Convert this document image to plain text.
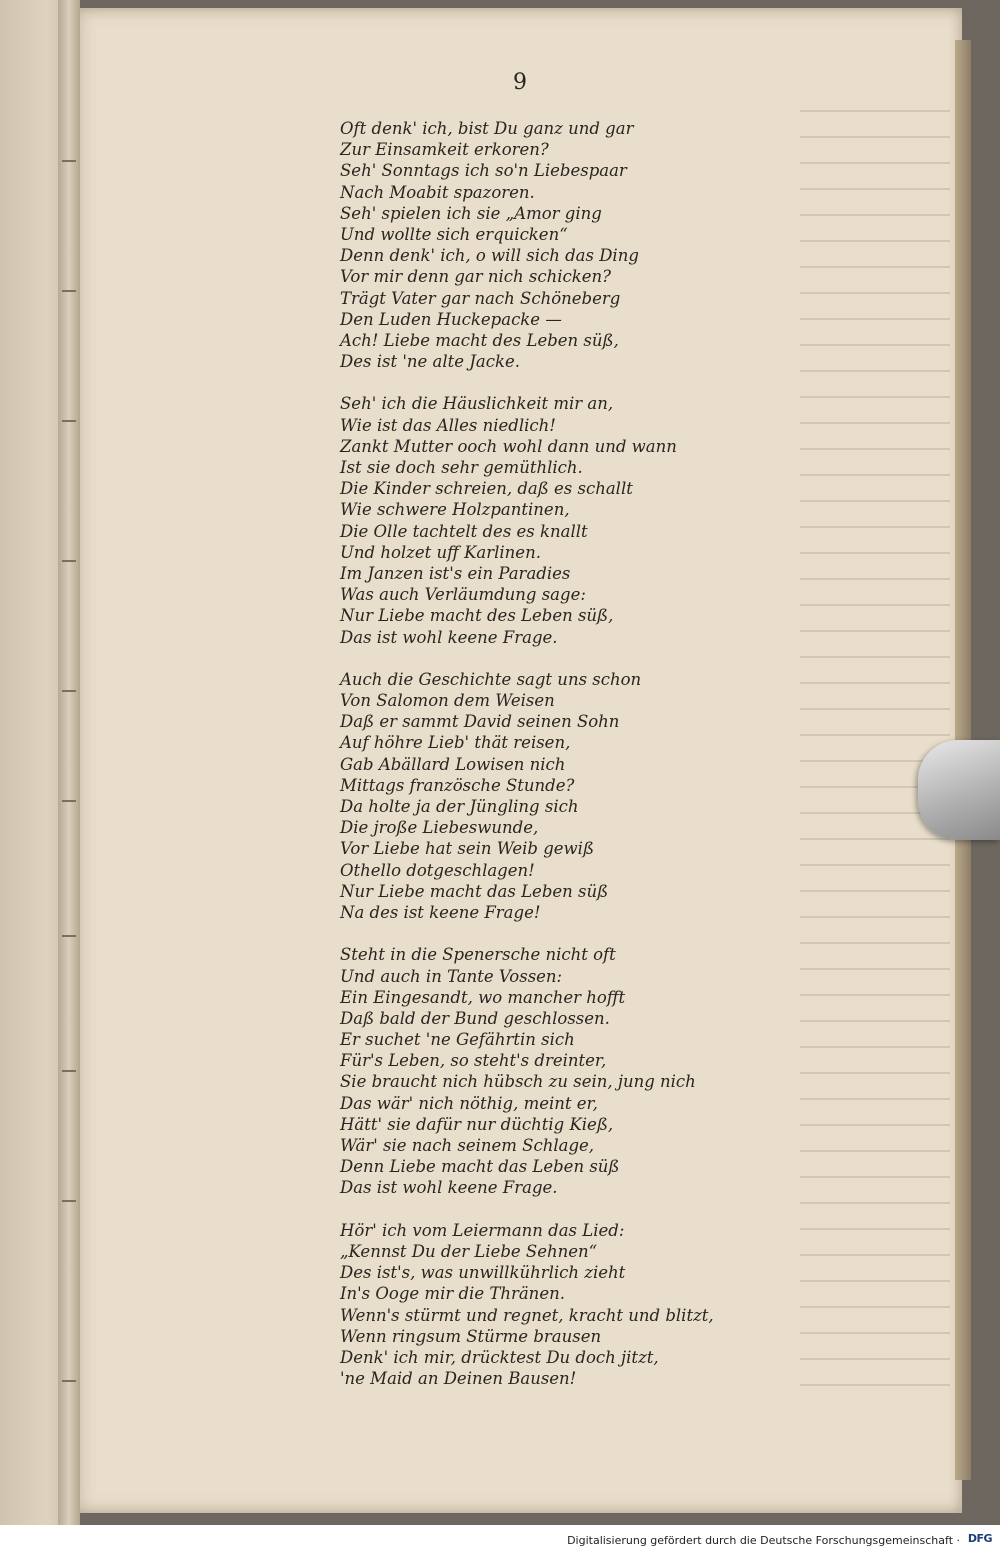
9
Oft denk' ich, bist Du ganz und gar
Zur Einsamkeit erkoren?
Seh' Sonntags ich so'n Liebespaar
Nach Moabit spazoren.
Seh' spielen ich sie „Amor ging
Und wollte sich erquicken“
Denn denk' ich, o will sich das Ding
Vor mir denn gar nich schicken?
Trägt Vater gar nach Schöneberg
Den Luden Huckepacke —
Ach! Liebe macht des Leben süß,
Des ist 'ne alte Jacke.
Seh' ich die Häuslichkeit mir an,
Wie ist das Alles niedlich!
Zankt Mutter ooch wohl dann und wann
Ist sie doch sehr gemüthlich.
Die Kinder schreien, daß es schallt
Wie schwere Holzpantinen,
Die Olle tachtelt des es knallt
Und holzet uff Karlinen.
Im Janzen ist's ein Paradies
Was auch Verläumdung sage:
Nur Liebe macht des Leben süß,
Das ist wohl keene Frage.
Auch die Geschichte sagt uns schon
Von Salomon dem Weisen
Daß er sammt David seinen Sohn
Auf höhre Lieb' thät reisen,
Gab Abällard Lowisen nich
Mittags französche Stunde?
Da holte ja der Jüngling sich
Die jroße Liebeswunde,
Vor Liebe hat sein Weib gewiß
Othello dotgeschlagen!
Nur Liebe macht das Leben süß
Na des ist keene Frage!
Steht in die Spenersche nicht oft
Und auch in Tante Vossen:
Ein Eingesandt, wo mancher hofft
Daß bald der Bund geschlossen.
Er suchet 'ne Gefährtin sich
Für's Leben, so steht's dreinter,
Sie braucht nich hübsch zu sein, jung nich
Das wär' nich nöthig, meint er,
Hätt' sie dafür nur düchtig Kieß,
Wär' sie nach seinem Schlage,
Denn Liebe macht das Leben süß
Das ist wohl keene Frage.
Hör' ich vom Leiermann das Lied:
„Kennst Du der Liebe Sehnen“
Des ist's, was unwillkührlich zieht
In's Ooge mir die Thränen.
Wenn's stürmt und regnet, kracht und blitzt,
Wenn ringsum Stürme brausen
Denk' ich mir, drücktest Du doch jitzt,
'ne Maid an Deinen Bausen!
Digitalisierung gefördert durch die Deutsche Forschungsgemeinschaft · DFG
